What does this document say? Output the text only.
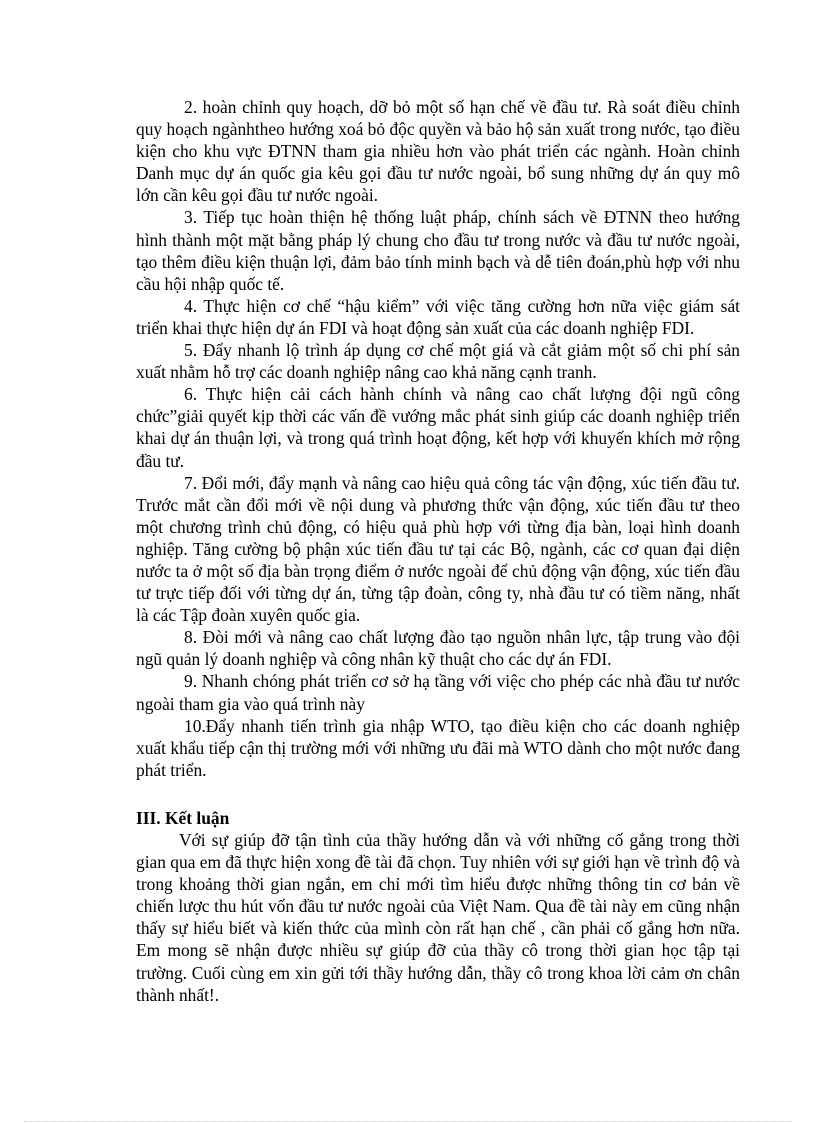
2. hoàn chỉnh quy hoạch, dỡ bỏ một số hạn chế về đầu tư. Rà soát điều chỉnh quy hoạch ngànhtheo hướng xoá bỏ độc quyền và bảo hộ sản xuất trong nước, tạo điều kiện cho khu vực ĐTNN tham gia nhiều hơn vào phát triển các ngành. Hoàn chỉnh Danh mục dự án quốc gia kêu gọi đầu tư nước ngoài, bổ sung những dự án quy mô lớn cần kêu gọi đầu tư nước ngoài.

3. Tiếp tục hoàn thiện hệ thống luật pháp, chính sách về ĐTNN theo hướng hình thành một mặt bằng pháp lý chung cho đầu tư trong nước và đầu tư nước ngoài, tạo thêm điều kiện thuận lợi, đảm bảo tính minh bạch và dễ tiên đoán,phù hợp với nhu cầu hội nhập quốc tế.

4. Thực hiện cơ chế “hậu kiểm” với việc tăng cường hơn nữa việc giám sát triển khai thực hiện dự án FDI và hoạt động sản xuất của các doanh nghiệp FDI.

5. Đẩy nhanh lộ trình áp dụng cơ chế một giá và cắt giảm một số chi phí sản xuất nhằm hỗ trợ các doanh nghiệp nâng cao khả năng cạnh tranh.

6. Thực hiện cải cách hành chính và nâng cao chất lượng đội ngũ công chức”giải quyết kịp thời các vấn đề vướng mắc phát sinh giúp các doanh nghiệp triển khai dự án thuận lợi, và trong quá trình hoạt động, kết hợp với khuyến khích mở rộng đầu tư.

7. Đổi mới, đẩy mạnh và nâng cao hiệu quả công tác vận động, xúc tiến đầu tư. Trước mắt cần đổi mới về nội dung và phương thức vận động, xúc tiến đầu tư theo một chương trình chủ động, có hiệu quả phù hợp với từng địa bàn, loại hình doanh nghiệp. Tăng cường bộ phận xúc tiến đầu tư tại các Bộ, ngành, các cơ quan đại diện nước ta ở một số địa bàn trọng điểm ở nước ngoài để chủ động vận động, xúc tiến đầu tư trực tiếp đối với từng dự án, từng tập đoàn, công ty, nhà đầu tư có tiềm năng, nhất là các Tập đoàn xuyên quốc gia.

8. Đòi mới và nâng cao chất lượng đào tạo nguồn nhân lực, tập trung vào đội ngũ quản lý doanh nghiệp và công nhân kỹ thuật cho các dự án FDI.

9. Nhanh chóng phát triển cơ sở hạ tầng với việc cho phép các nhà đầu tư nước ngoài tham gia vào quá trình này

10.Đẩy nhanh tiến trình gia nhập WTO, tạo điều kiện cho các doanh nghiệp xuất khẩu tiếp cận thị trường mới với những ưu đãi mà WTO dành cho một nước đang phát triển.

III. Kết luận

Với sự giúp đỡ tận tình của thầy hướng dẫn và với những cố gắng trong thời gian qua em đã thực hiện xong đề tài đã chọn. Tuy nhiên với sự giới hạn về trình độ và trong khoảng thời gian ngắn, em chỉ mới tìm hiểu được những thông tin cơ bản về chiến lược thu hút vốn đầu tư nước ngoài của Việt Nam. Qua đề tài này em cũng nhận thấy sự hiểu biết và kiến thức của mình còn rất hạn chế , cần phải cố gắng hơn nữa. Em mong sẽ nhận được nhiều sự giúp đỡ của thầy cô trong thời gian học tập tại trường. Cuối cùng em xin gửi tới thầy hướng dẫn, thầy cô trong khoa lời cảm ơn chân thành nhất!.
